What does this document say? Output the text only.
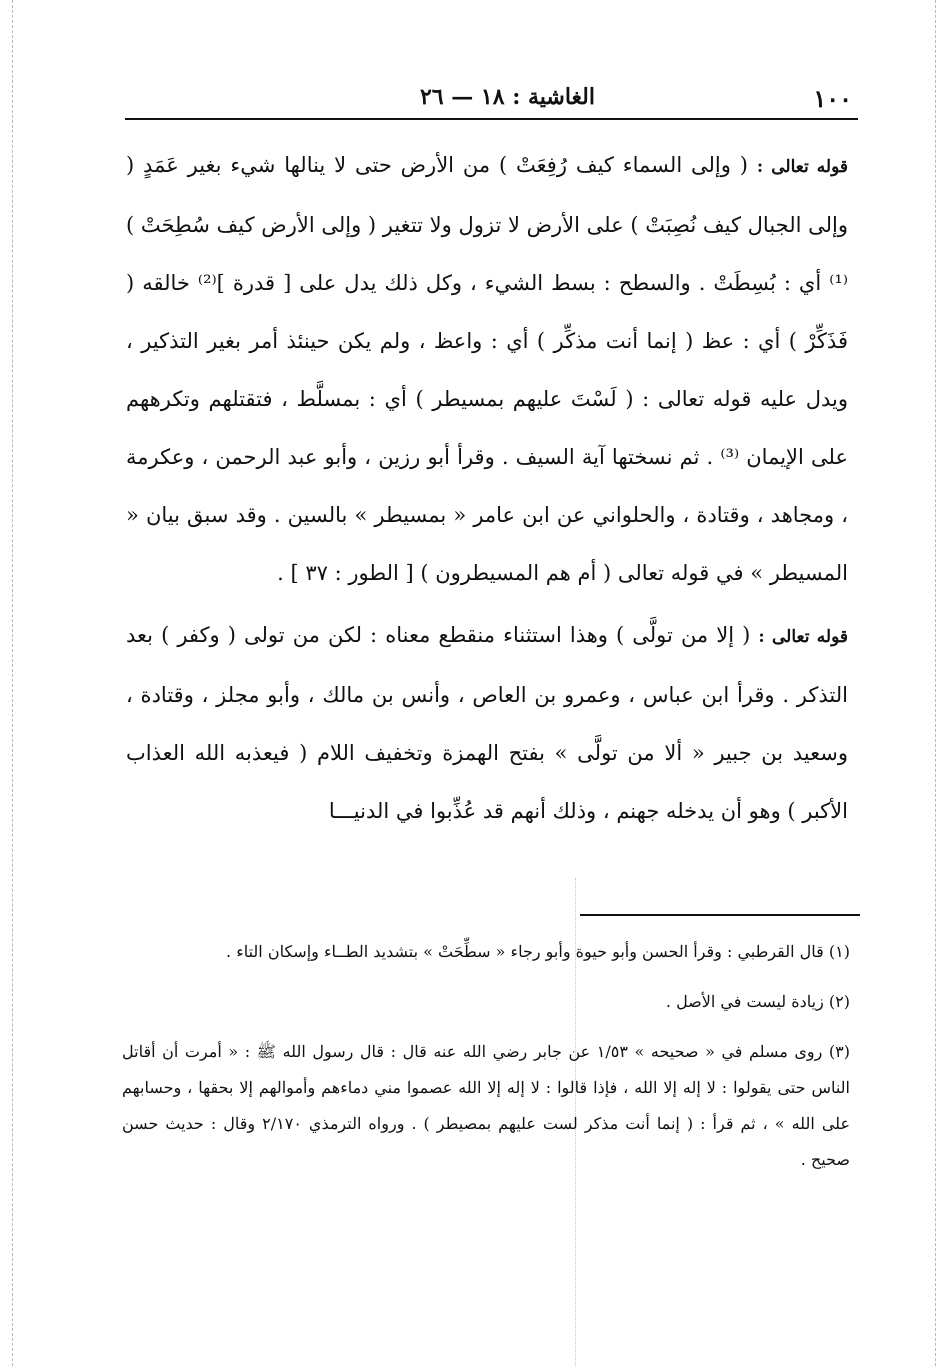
١٠٠
الغاشية : ١٨ — ٢٦

قوله تعالى : ( وإلى السماء كيف رُفِعَتْ ) من الأرض حتى لا ينالها شيء بغير عَمَدٍ ( وإلى الجبال كيف نُصِبَتْ ) على الأرض لا تزول ولا تتغير ( وإلى الأرض كيف سُطِحَتْ )⁽¹⁾ أي : بُسِطَتْ . والسطح : بسط الشيء ، وكل ذلك يدل على [ قدرة ]⁽²⁾ خالقه ( فَذَكِّرْ ) أي : عظ ( إنما أنت مذكِّر ) أي : واعظ ، ولم يكن حينئذ أمر بغير التذكير ، ويدل عليه قوله تعالى : ( لَسْتَ عليهم بمسيطر ) أي : بمسلَّط ، فتقتلهم وتكرههم على الإيمان ⁽³⁾ . ثم نسختها آية السيف . وقرأ أبو رزين ، وأبو عبد الرحمن ، وعكرمة ، ومجاهد ، وقتادة ، والحلواني عن ابن عامر « بمسيطر » بالسين . وقد سبق بيان « المسيطر » في قوله تعالى ( أم هم المسيطرون ) [ الطور : ٣٧ ] .

قوله تعالى : ( إلا من تولَّى ) وهذا استثناء منقطع معناه : لكن من تولى ( وكفر ) بعد التذكر . وقرأ ابن عباس ، وعمرو بن العاص ، وأنس بن مالك ، وأبو مجلز ، وقتادة ، وسعيد بن جبير « ألا من تولَّى » بفتح الهمزة وتخفيف اللام ( فيعذبه الله العذاب الأكبر ) وهو أن يدخله جهنم ، وذلك أنهم قد عُذِّبوا في الدنيـــا

(١) قال القرطبي : وقرأ الحسن وأبو حيوة وأبو رجاء « سطِّحَتْ » بتشديد الطــاء وإسكان التاء .

(٢) زيادة ليست في الأصل .

(٣) روى مسلم في « صحيحه » ١/٥٣ عن جابر رضي الله عنه قال : قال رسول الله ﷺ : « أمرت أن أقاتل الناس حتى يقولوا : لا إله إلا الله ، فإذا قالوا : لا إله إلا الله عصموا مني دماءهم وأموالهم إلا بحقها ، وحسابهم على الله » ، ثم قرأ : ( إنما أنت مذكر لست عليهم بمصيطر ) . ورواه الترمذي ٢/١٧٠ وقال : حديث حسن صحيح .
